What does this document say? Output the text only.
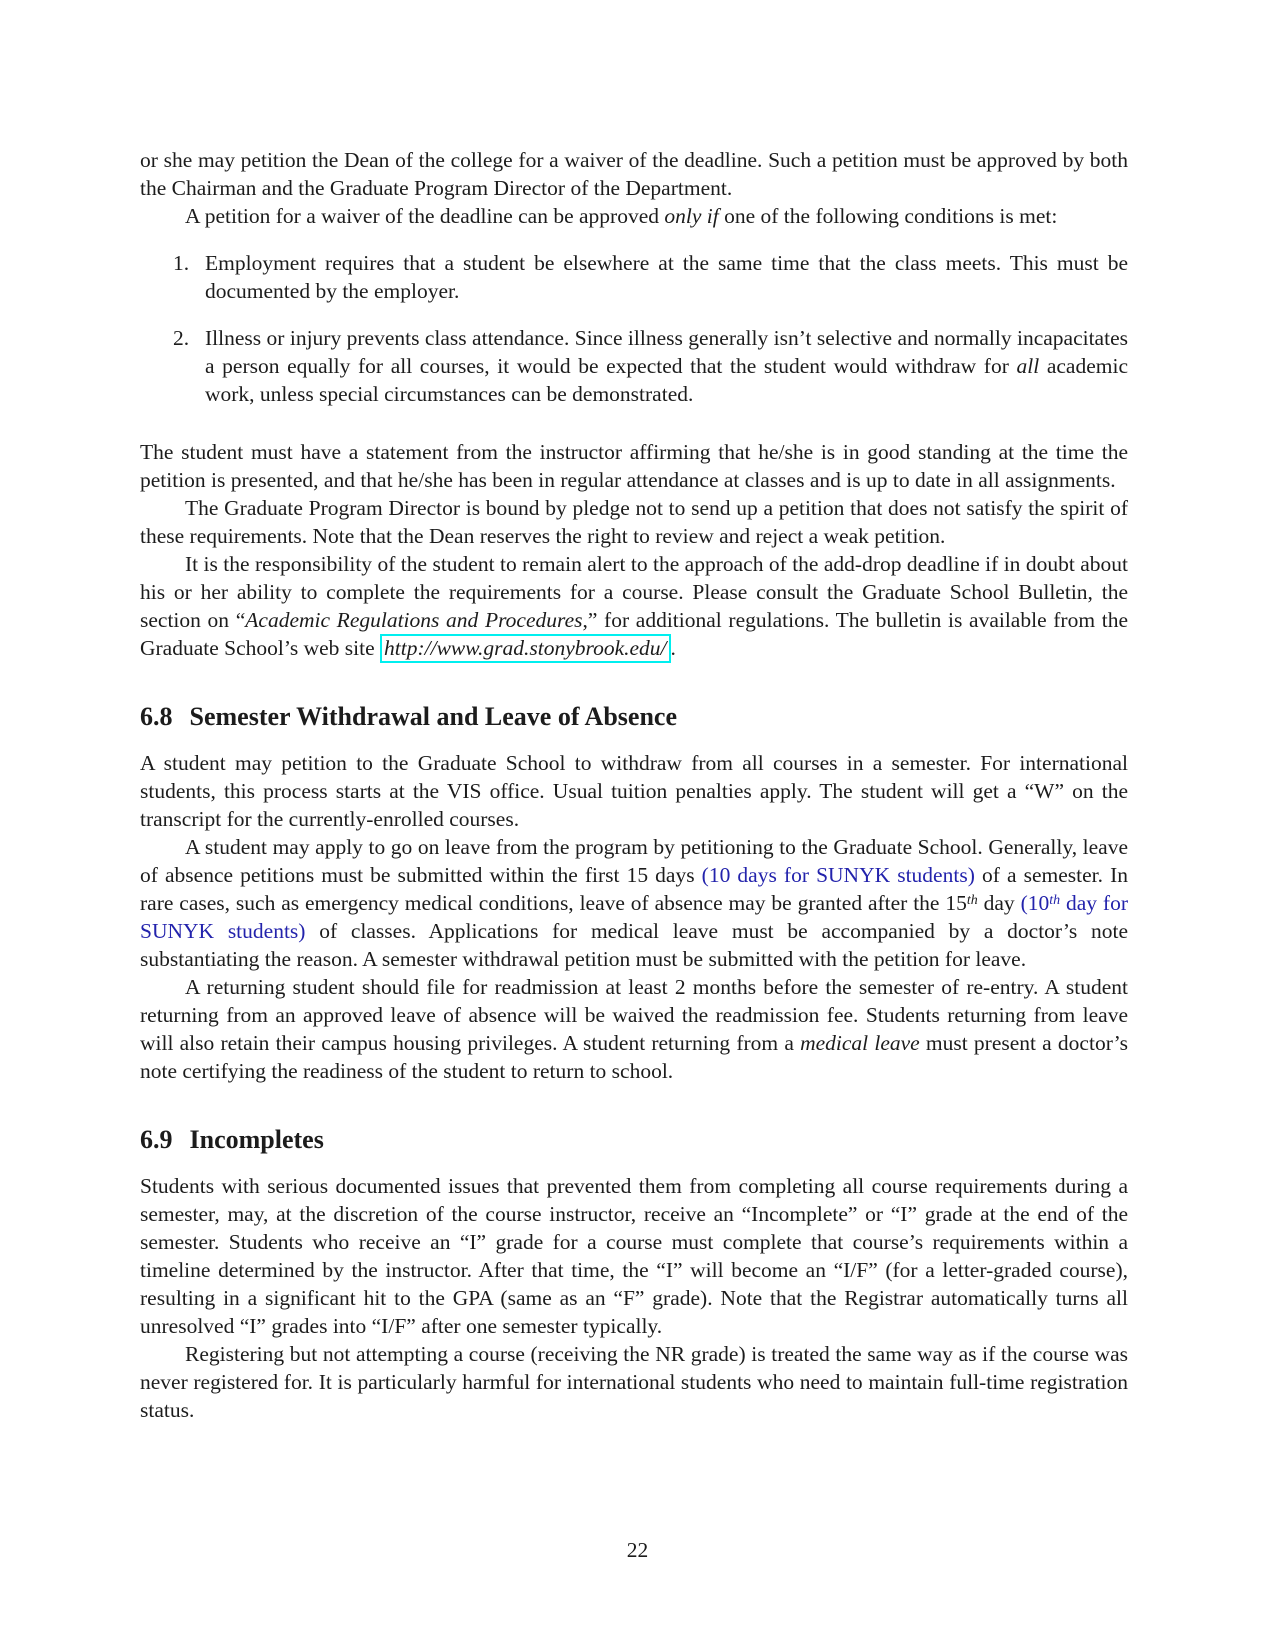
or she may petition the Dean of the college for a waiver of the deadline. Such a petition must be approved by both the Chairman and the Graduate Program Director of the Department.

A petition for a waiver of the deadline can be approved only if one of the following conditions is met:

1. Employment requires that a student be elsewhere at the same time that the class meets. This must be documented by the employer.
2. Illness or injury prevents class attendance. Since illness generally isn’t selective and normally incapacitates a person equally for all courses, it would be expected that the student would withdraw for all academic work, unless special circumstances can be demonstrated.

The student must have a statement from the instructor affirming that he/she is in good standing at the time the petition is presented, and that he/she has been in regular attendance at classes and is up to date in all assignments.

The Graduate Program Director is bound by pledge not to send up a petition that does not satisfy the spirit of these requirements. Note that the Dean reserves the right to review and reject a weak petition.

It is the responsibility of the student to remain alert to the approach of the add-drop deadline if in doubt about his or her ability to complete the requirements for a course. Please consult the Graduate School Bulletin, the section on “Academic Regulations and Procedures,” for additional regulations. The bulletin is available from the Graduate School’s web site http://www.grad.stonybrook.edu/ .

6.8 Semester Withdrawal and Leave of Absence

A student may petition to the Graduate School to withdraw from all courses in a semester. For international students, this process starts at the VIS office. Usual tuition penalties apply. The student will get a “W” on the transcript for the currently-enrolled courses.

A student may apply to go on leave from the program by petitioning to the Graduate School. Generally, leave of absence petitions must be submitted within the first 15 days (10 days for SUNYK students) of a semester. In rare cases, such as emergency medical conditions, leave of absence may be granted after the 15th day (10th day for SUNYK students) of classes. Applications for medical leave must be accompanied by a doctor’s note substantiating the reason. A semester withdrawal petition must be submitted with the petition for leave.

A returning student should file for readmission at least 2 months before the semester of re-entry. A student returning from an approved leave of absence will be waived the readmission fee. Students returning from leave will also retain their campus housing privileges. A student returning from a medical leave must present a doctor’s note certifying the readiness of the student to return to school.

6.9 Incompletes

Students with serious documented issues that prevented them from completing all course requirements during a semester, may, at the discretion of the course instructor, receive an “Incomplete” or “I” grade at the end of the semester. Students who receive an “I” grade for a course must complete that course’s requirements within a timeline determined by the instructor. After that time, the “I” will become an “I/F” (for a letter-graded course), resulting in a significant hit to the GPA (same as an “F” grade). Note that the Registrar automatically turns all unresolved “I” grades into “I/F” after one semester typically.

Registering but not attempting a course (receiving the NR grade) is treated the same way as if the course was never registered for. It is particularly harmful for international students who need to maintain full-time registration status.

22
